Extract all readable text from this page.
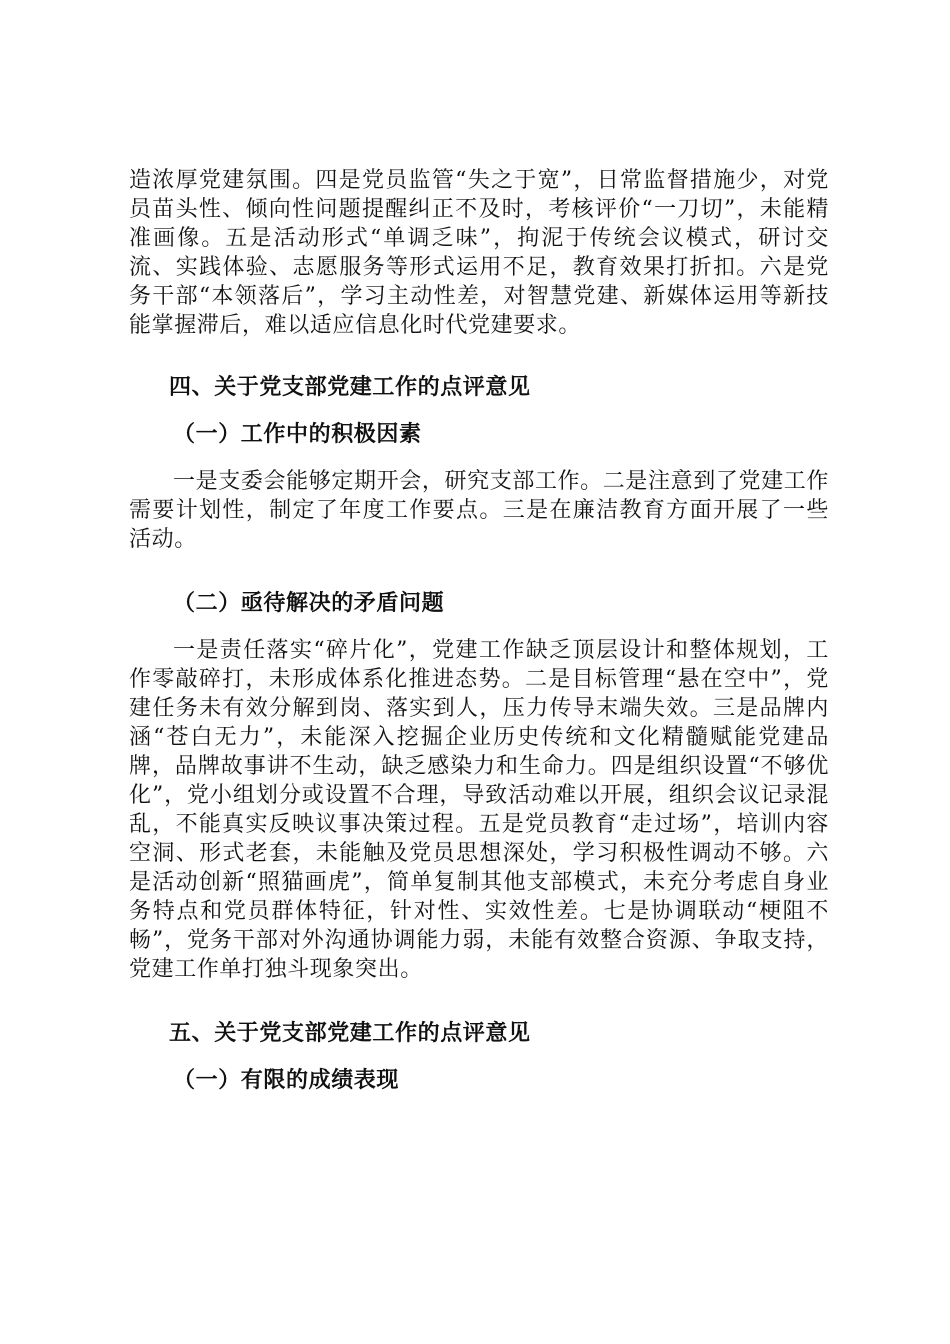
造浓厚党建氛围。四是党员监管“失之于宽”，日常监督措施少，对党员苗头性、倾向性问题提醒纠正不及时，考核评价“一刀切”，未能精准画像。五是活动形式“单调乏味”，拘泥于传统会议模式，研讨交流、实践体验、志愿服务等形式运用不足，教育效果打折扣。六是党务干部“本领落后”，学习主动性差，对智慧党建、新媒体运用等新技能掌握滞后，难以适应信息化时代党建要求。

四、关于党支部党建工作的点评意见

（一）工作中的积极因素

一是支委会能够定期开会，研究支部工作。二是注意到了党建工作需要计划性，制定了年度工作要点。三是在廉洁教育方面开展了一些活动。

（二）亟待解决的矛盾问题

一是责任落实“碎片化”，党建工作缺乏顶层设计和整体规划，工作零敲碎打，未形成体系化推进态势。二是目标管理“悬在空中”，党建任务未有效分解到岗、落实到人，压力传导末端失效。三是品牌内涵“苍白无力”，未能深入挖掘企业历史传统和文化精髓赋能党建品牌，品牌故事讲不生动，缺乏感染力和生命力。四是组织设置“不够优化”，党小组划分或设置不合理，导致活动难以开展，组织会议记录混乱，不能真实反映议事决策过程。五是党员教育“走过场”，培训内容空洞、形式老套，未能触及党员思想深处，学习积极性调动不够。六是活动创新“照猫画虎”，简单复制其他支部模式，未充分考虑自身业务特点和党员群体特征，针对性、实效性差。七是协调联动“梗阻不畅”，党务干部对外沟通协调能力弱，未能有效整合资源、争取支持，党建工作单打独斗现象突出。

五、关于党支部党建工作的点评意见

（一）有限的成绩表现
